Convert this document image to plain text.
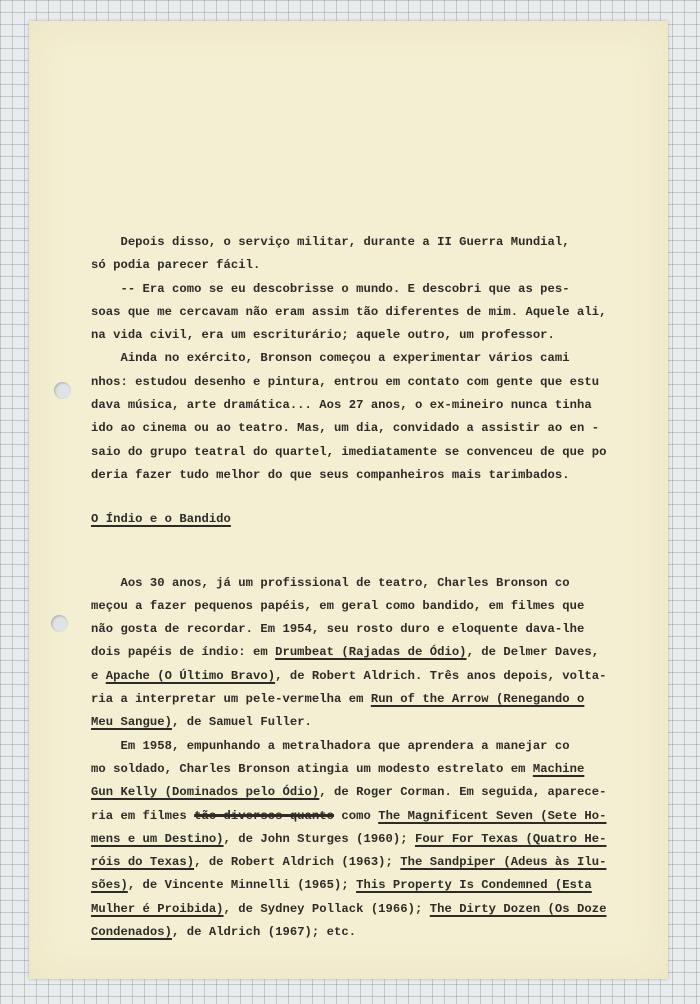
Depois disso, o serviço militar, durante a II Guerra Mundial,
só podia parecer fácil.
-- Era como se eu descobrisse o mundo. E descobri que as pes-
soas que me cercavam não eram assim tão diferentes de mim. Aquele ali,
na vida civil, era um escriturário; aquele outro, um professor.
Ainda no exército, Bronson começou a experimentar vários cami
nhos: estudou desenho e pintura, entrou em contato com gente que estu
dava música, arte dramática... Aos 27 anos, o ex-mineiro nunca tinha
ido ao cinema ou ao teatro. Mas, um dia, convidado a assistir ao en -
saio do grupo teatral do quartel, imediatamente se convenceu de que po
deria fazer tudo melhor do que seus companheiros mais tarimbados.
O Índio e o Bandido
Aos 30 anos, já um profissional de teatro, Charles Bronson co
meçou a fazer pequenos papéis, em geral como bandido, em filmes que
não gosta de recordar. Em 1954, seu rosto duro e eloquente dava-lhe
dois papéis de índio: em Drumbeat (Rajadas de Ódio), de Delmer Daves,
e Apache (O Último Bravo), de Robert Aldrich. Três anos depois, volta-
ria a interpretar um pele-vermelha em Run of the Arrow (Renegando o
Meu Sangue), de Samuel Fuller.
Em 1958, empunhando a metralhadora que aprendera a manejar co
mo soldado, Charles Bronson atingia um modesto estrelato em Machine
Gun Kelly (Dominados pelo Ódio), de Roger Corman. Em seguida, aparece-
ria em filmes tão diversos quanto como The Magnificent Seven (Sete Ho-
mens e um Destino), de John Sturges (1960); Four For Texas (Quatro He-
róis do Texas), de Robert Aldrich (1963); The Sandpiper (Adeus às Ilu-
sões), de Vincente Minnelli (1965); This Property Is Condemned (Esta
Mulher é Proibida), de Sydney Pollack (1966); The Dirty Dozen (Os Doze
Condenados), de Aldrich (1967); etc.
